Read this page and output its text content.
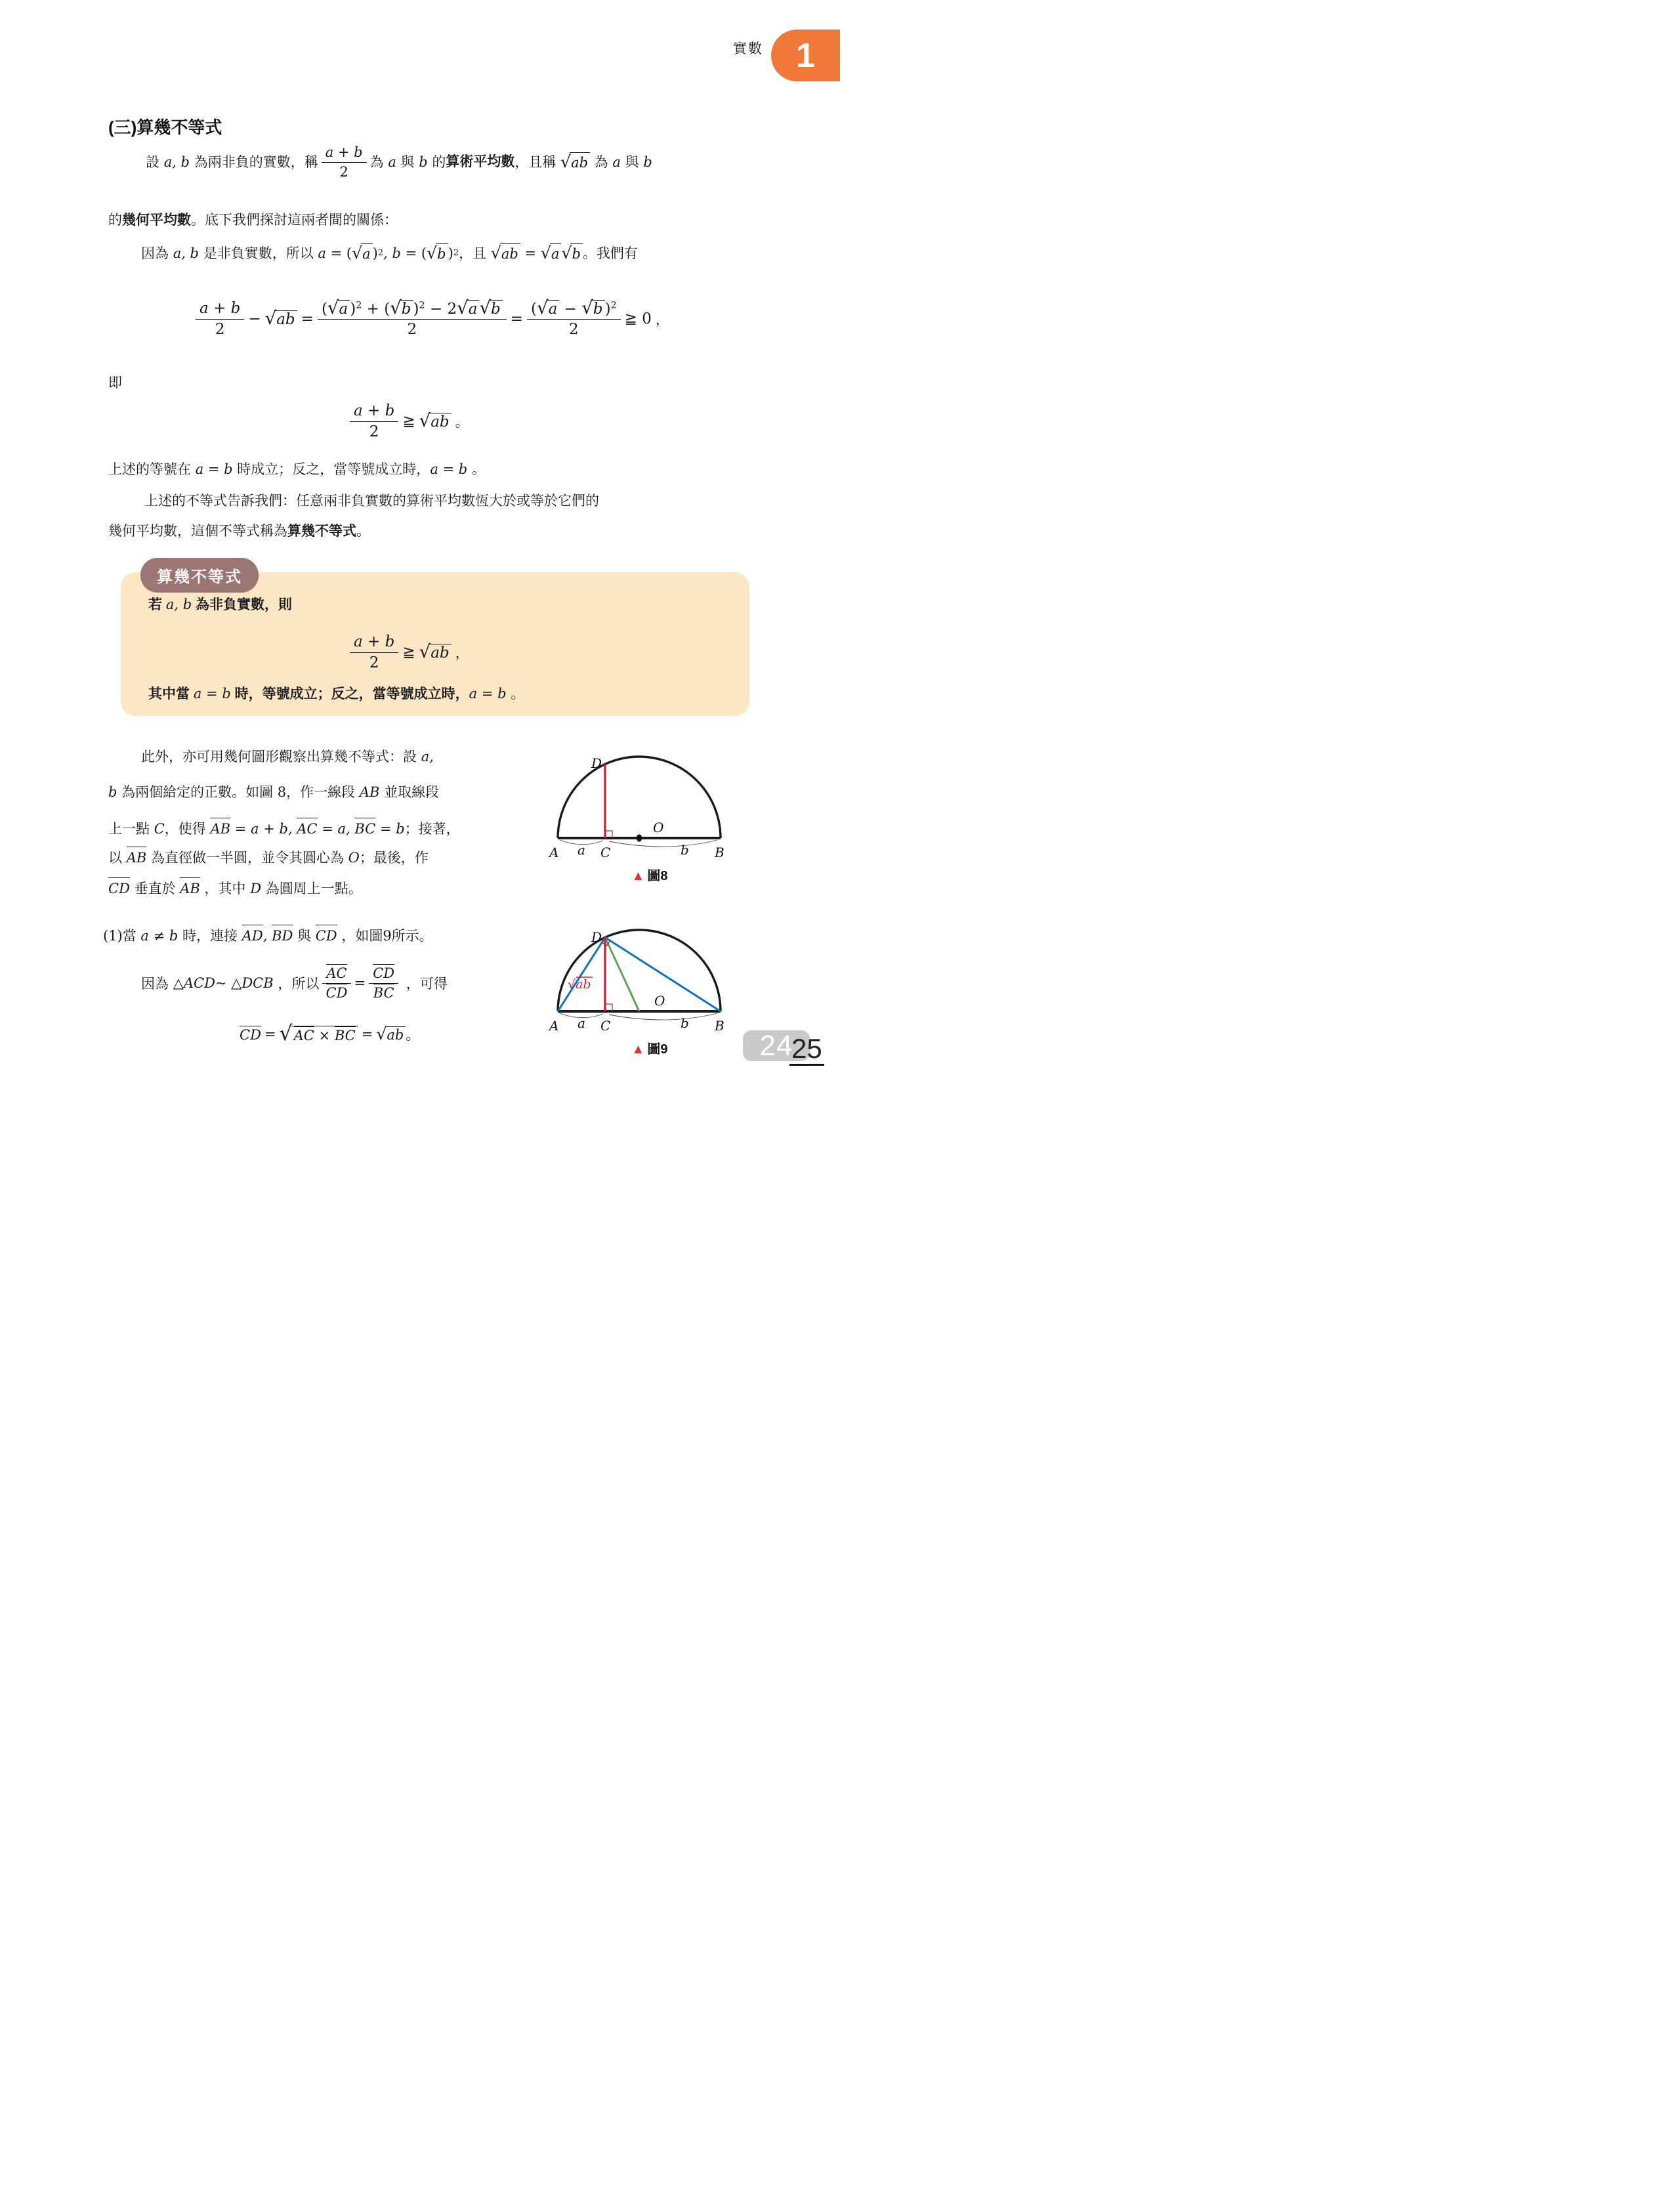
實數 1
(三)算幾不等式
設 a, b 為兩非負的實數，稱 $\frac{a + b}{2}$ 為 a 與 b 的 算術平均數 ，且稱 √ ab 為 a 與 b
的 幾何平均數 。底下我們探討這兩者間的關係：
因為 a, b 是非負實數，所以 a = ( √ a ) 2 , b = ( √ b ) 2 ，且 √ ab = √ a √ b 。我們有
$\frac{a + b}{2}$ − √ ab = $\frac{( √ a )^2 + ( √ b )^2 - 2 √ a √ b}{2} = \frac{( √ a - √ b )^2}{2}$ ≧ 0 ，
即
$\frac{a + b}{2}$ ≧ √ ab 。
上述的等號在 a = b 時成立；反之，當等號成立時， a = b 。
上述的不等式告訴我們：任意兩非負實數的算術平均數恆大於或等於它們的
幾何平均數，這個不等式稱為 算幾不等式 。
算幾不等式
若 a, b 為非負實數，則
$\frac{a + b}{2}$ ≧ √ ab ，
其中當 a = b 時，等號成立；反之，當等號成立時， a = b 。
此外，亦可用幾何圖形觀察出算幾不等式：設 a,
b 為兩個給定的正數。如圖 8，作一線段 AB 並取線段
上一點 C ，使得 AB = a + b , AC = a , BC = b ；接著，
以 AB 為直徑做一半圓，並令其圓心為 O ；最後，作
CD 垂直於 AB ，其中 D 為圓周上一點。
(1)當 a ≠ b 時，連接 AD , BD 與 CD ，如圖9所示。
因為 △ACD~ △DCB ，所以 $\frac{AC}{CD} = \frac{CD}{BC}$ ，可得
CD = √ AC × BC = √ ab 。
A	C	B
a	b
O
D
▲ 圖8
√ab
A	C	B
a	b
O
D
▲ 圖9	24
25
